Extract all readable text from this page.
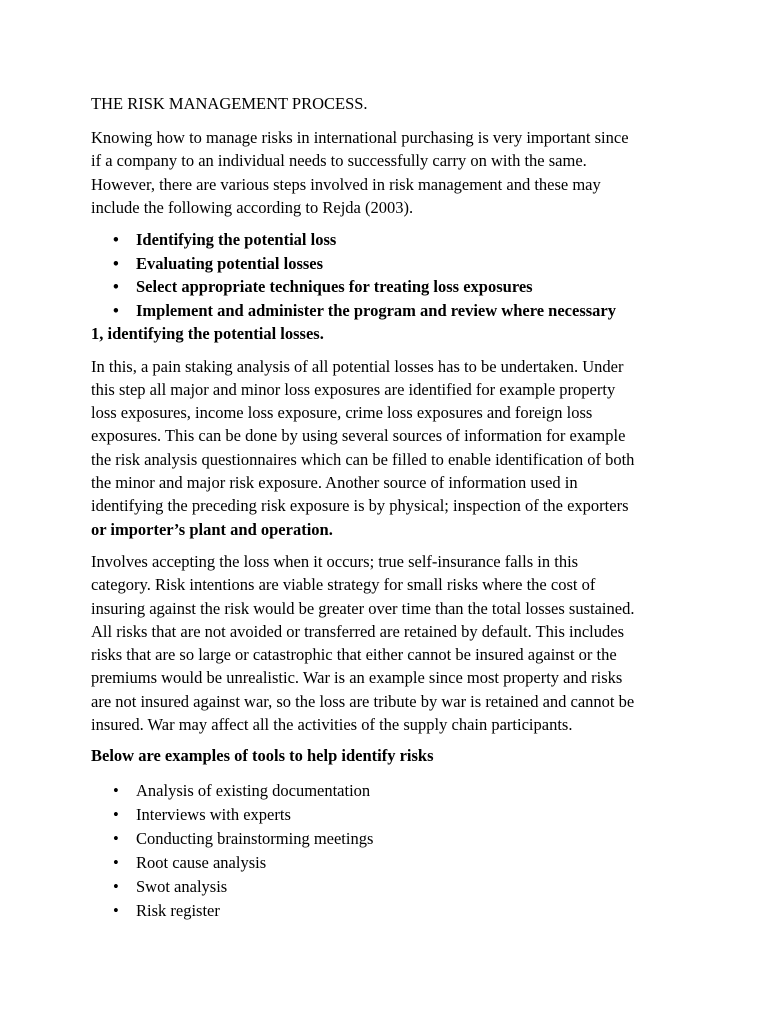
THE RISK MANAGEMENT PROCESS.
Knowing how to manage risks in international purchasing is very important since
if a company to an individual needs to successfully carry on with the same.
However, there are various steps involved in risk management and these may
include the following according to Rejda (2003).
• Identifying the potential loss
• Evaluating potential losses
• Select appropriate techniques for treating loss exposures
• Implement and administer the program and review where necessary
1, identifying the potential losses.
In this, a pain staking analysis of all potential losses has to be undertaken. Under
this step all major and minor loss exposures are identified for example property
loss exposures, income loss exposure, crime loss exposures and foreign loss
exposures. This can be done by using several sources of information for example
the risk analysis questionnaires which can be filled to enable identification of both
the minor and major risk exposure. Another source of information used in
identifying the preceding risk exposure is by physical; inspection of the exporters
or importer’s plant and operation.
Involves accepting the loss when it occurs; true self-insurance falls in this
category. Risk intentions are viable strategy for small risks where the cost of
insuring against the risk would be greater over time than the total losses sustained.
All risks that are not avoided or transferred are retained by default. This includes
risks that are so large or catastrophic that either cannot be insured against or the
premiums would be unrealistic. War is an example since most property and risks
are not insured against war, so the loss are tribute by war is retained and cannot be
insured. War may affect all the activities of the supply chain participants.
Below are examples of tools to help identify risks
• Analysis of existing documentation
• Interviews with experts
• Conducting brainstorming meetings
• Root cause analysis
• Swot analysis
• Risk register
